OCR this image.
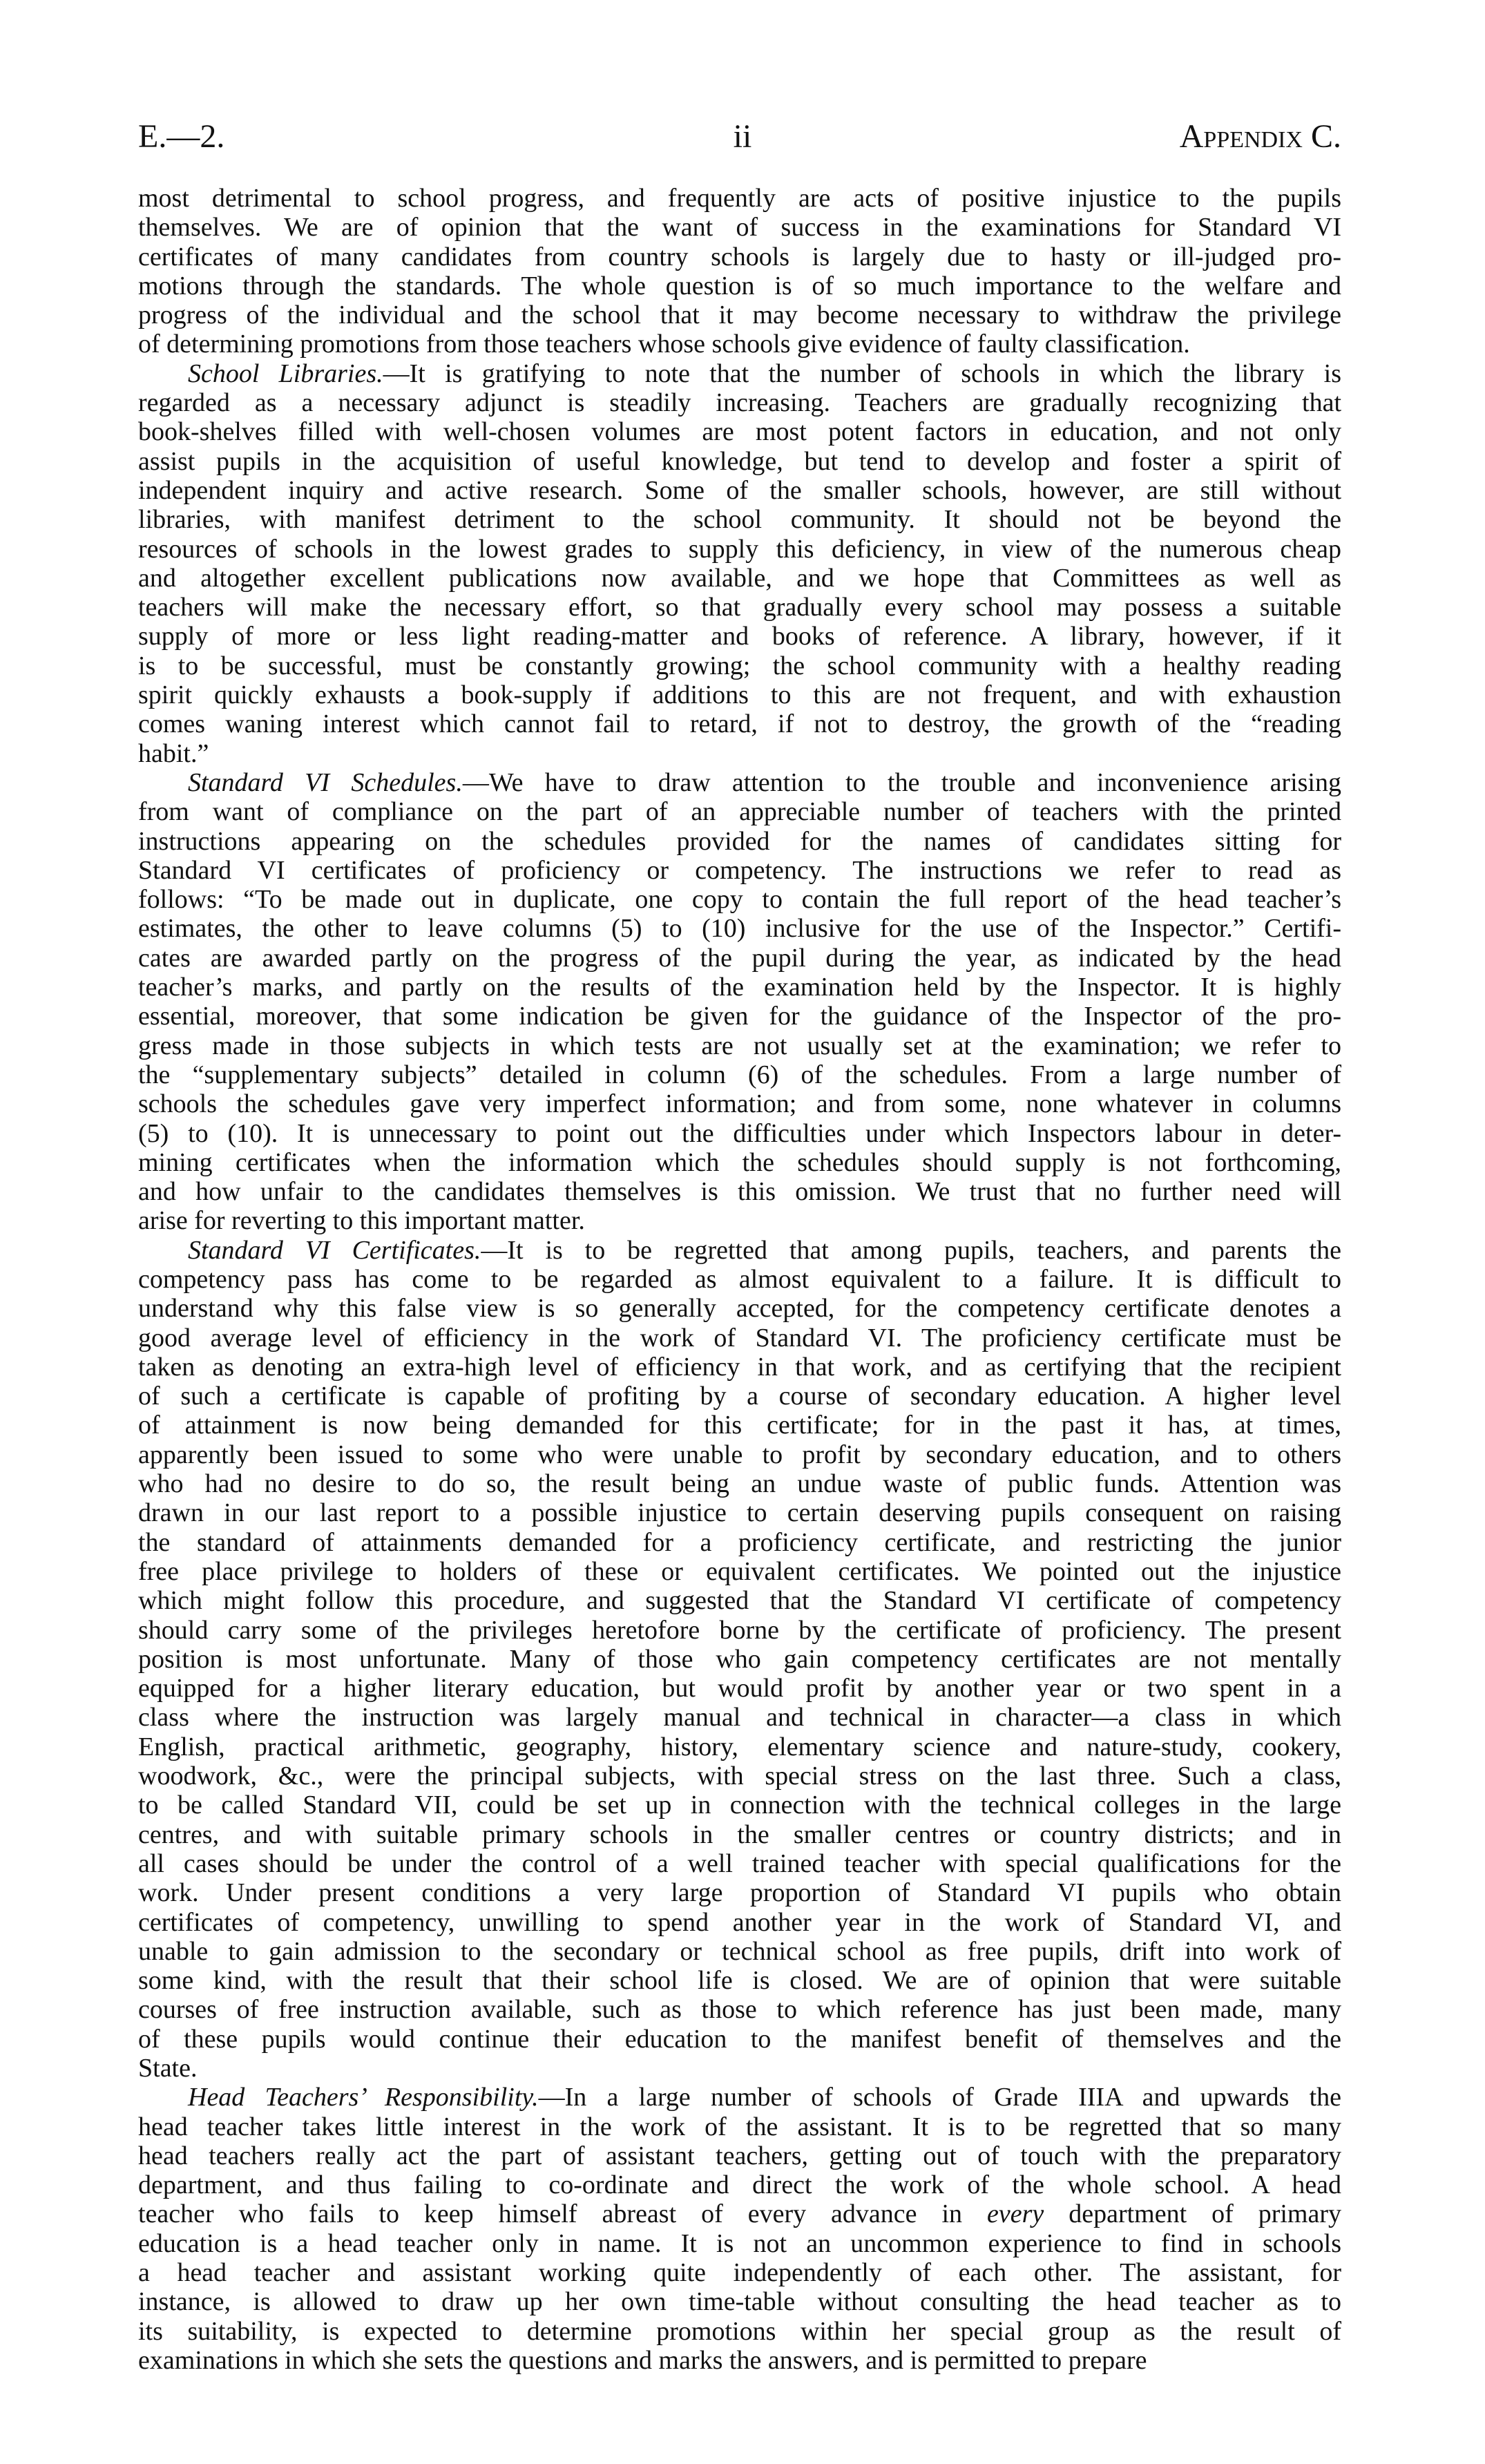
E.—2.	ii	Appendix C.
most detrimental to school progress, and frequently are acts of positive injustice to the pupils
themselves. We are of opinion that the want of success in the examinations for Standard VI
certificates of many candidates from country schools is largely due to hasty or ill-judged pro-
motions through the standards. The whole question is of so much importance to the welfare and
progress of the individual and the school that it may become necessary to withdraw the privilege
of determining promotions from those teachers whose schools give evidence of faulty classification.
School Libraries.—It is gratifying to note that the number of schools in which the library is
regarded as a necessary adjunct is steadily increasing. Teachers are gradually recognizing that
book-shelves filled with well-chosen volumes are most potent factors in education, and not only
assist pupils in the acquisition of useful knowledge, but tend to develop and foster a spirit of
independent inquiry and active research. Some of the smaller schools, however, are still without
libraries, with manifest detriment to the school community. It should not be beyond the
resources of schools in the lowest grades to supply this deficiency, in view of the numerous cheap
and altogether excellent publications now available, and we hope that Committees as well as
teachers will make the necessary effort, so that gradually every school may possess a suitable
supply of more or less light reading-matter and books of reference. A library, however, if it
is to be successful, must be constantly growing; the school community with a healthy reading
spirit quickly exhausts a book-supply if additions to this are not frequent, and with exhaustion
comes waning interest which cannot fail to retard, if not to destroy, the growth of the “reading
habit.”
Standard VI Schedules.—We have to draw attention to the trouble and inconvenience arising
from want of compliance on the part of an appreciable number of teachers with the printed
instructions appearing on the schedules provided for the names of candidates sitting for
Standard VI certificates of proficiency or competency. The instructions we refer to read as
follows: “To be made out in duplicate, one copy to contain the full report of the head teacher’s
estimates, the other to leave columns (5) to (10) inclusive for the use of the Inspector.” Certifi-
cates are awarded partly on the progress of the pupil during the year, as indicated by the head
teacher’s marks, and partly on the results of the examination held by the Inspector. It is highly
essential, moreover, that some indication be given for the guidance of the Inspector of the pro-
gress made in those subjects in which tests are not usually set at the examination; we refer to
the “supplementary subjects” detailed in column (6) of the schedules. From a large number of
schools the schedules gave very imperfect information; and from some, none whatever in columns
(5) to (10). It is unnecessary to point out the difficulties under which Inspectors labour in deter-
mining certificates when the information which the schedules should supply is not forthcoming,
and how unfair to the candidates themselves is this omission. We trust that no further need will
arise for reverting to this important matter.
Standard VI Certificates.—It is to be regretted that among pupils, teachers, and parents the
competency pass has come to be regarded as almost equivalent to a failure. It is difficult to
understand why this false view is so generally accepted, for the competency certificate denotes a
good average level of efficiency in the work of Standard VI. The proficiency certificate must be
taken as denoting an extra-high level of efficiency in that work, and as certifying that the recipient
of such a certificate is capable of profiting by a course of secondary education. A higher level
of attainment is now being demanded for this certificate; for in the past it has, at times,
apparently been issued to some who were unable to profit by secondary education, and to others
who had no desire to do so, the result being an undue waste of public funds. Attention was
drawn in our last report to a possible injustice to certain deserving pupils consequent on raising
the standard of attainments demanded for a proficiency certificate, and restricting the junior
free place privilege to holders of these or equivalent certificates. We pointed out the injustice
which might follow this procedure, and suggested that the Standard VI certificate of competency
should carry some of the privileges heretofore borne by the certificate of proficiency. The present
position is most unfortunate. Many of those who gain competency certificates are not mentally
equipped for a higher literary education, but would profit by another year or two spent in a
class where the instruction was largely manual and technical in character—a class in which
English, practical arithmetic, geography, history, elementary science and nature-study, cookery,
woodwork, &c., were the principal subjects, with special stress on the last three. Such a class,
to be called Standard VII, could be set up in connection with the technical colleges in the large
centres, and with suitable primary schools in the smaller centres or country districts; and in
all cases should be under the control of a well trained teacher with special qualifications for the
work. Under present conditions a very large proportion of Standard VI pupils who obtain
certificates of competency, unwilling to spend another year in the work of Standard VI, and
unable to gain admission to the secondary or technical school as free pupils, drift into work of
some kind, with the result that their school life is closed. We are of opinion that were suitable
courses of free instruction available, such as those to which reference has just been made, many
of these pupils would continue their education to the manifest benefit of themselves and the
State.
Head Teachers’ Responsibility.—In a large number of schools of Grade IIIA and upwards the
head teacher takes little interest in the work of the assistant. It is to be regretted that so many
head teachers really act the part of assistant teachers, getting out of touch with the preparatory
department, and thus failing to co-ordinate and direct the work of the whole school. A head
teacher who fails to keep himself abreast of every advance in every department of primary
education is a head teacher only in name. It is not an uncommon experience to find in schools
a head teacher and assistant working quite independently of each other. The assistant, for
instance, is allowed to draw up her own time-table without consulting the head teacher as to
its suitability, is expected to determine promotions within her special group as the result of
examinations in which she sets the questions and marks the answers, and is permitted to prepare
